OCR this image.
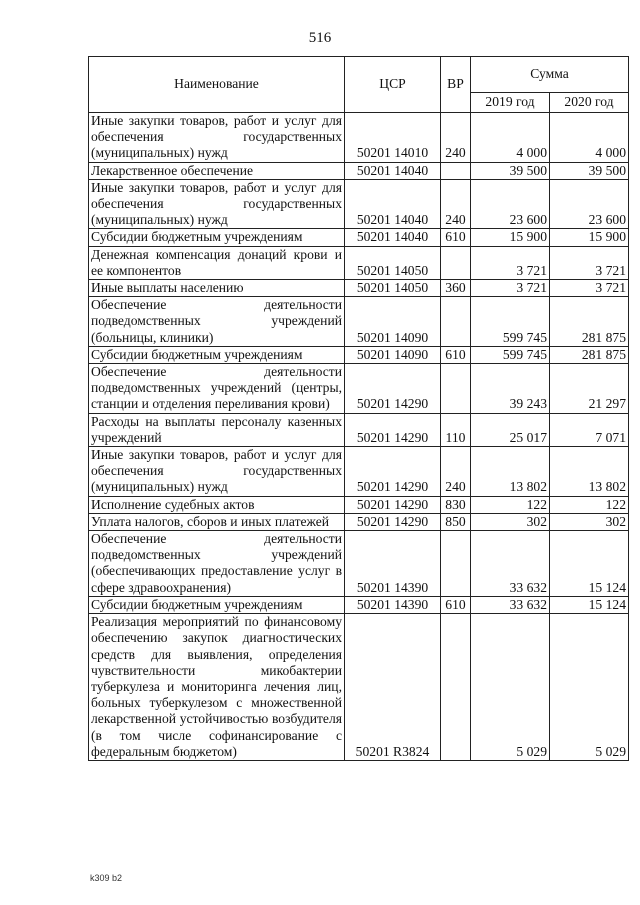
516
Наименование	ЦСР	ВР	Сумма	
			2019 год	2020 год
Иные закупки товаров, работ и услуг для обеспечения государственных (муниципальных) нужд	50201 14010	240	4 000	4 000
Лекарственное обеспечение	50201 14040		39 500	39 500
Иные закупки товаров, работ и услуг для обеспечения государственных (муниципальных) нужд	50201 14040	240	23 600	23 600
Субсидии бюджетным учреждениям	50201 14040	610	15 900	15 900
Денежная компенсация донаций крови и ее компонентов	50201 14050		3 721	3 721
Иные выплаты населению	50201 14050	360	3 721	3 721
Обеспечение деятельности подведомственных учреждений (больницы, клиники)	50201 14090		599 745	281 875
Субсидии бюджетным учреждениям	50201 14090	610	599 745	281 875
Обеспечение деятельности подведомственных учреждений (центры, станции и отделения переливания крови)	50201 14290		39 243	21 297
Расходы на выплаты персоналу казенных учреждений	50201 14290	110	25 017	7 071
Иные закупки товаров, работ и услуг для обеспечения государственных (муниципальных) нужд	50201 14290	240	13 802	13 802
Исполнение судебных актов	50201 14290	830	122	122
Уплата налогов, сборов и иных платежей	50201 14290	850	302	302
Обеспечение деятельности подведомственных учреждений (обеспечивающих предоставление услуг в сфере здравоохранения)	50201 14390		33 632	15 124
Субсидии бюджетным учреждениям	50201 14390	610	33 632	15 124
Реализация мероприятий по финансовому обеспечению закупок диагностических средств для выявления, определения чувствительности микобактерии туберкулеза и мониторинга лечения лиц, больных туберкулезом с множественной лекарственной устойчивостью возбудителя (в том числе софинансирование с федеральным бюджетом)	50201 R3824		5 029	5 029
k309 b2
